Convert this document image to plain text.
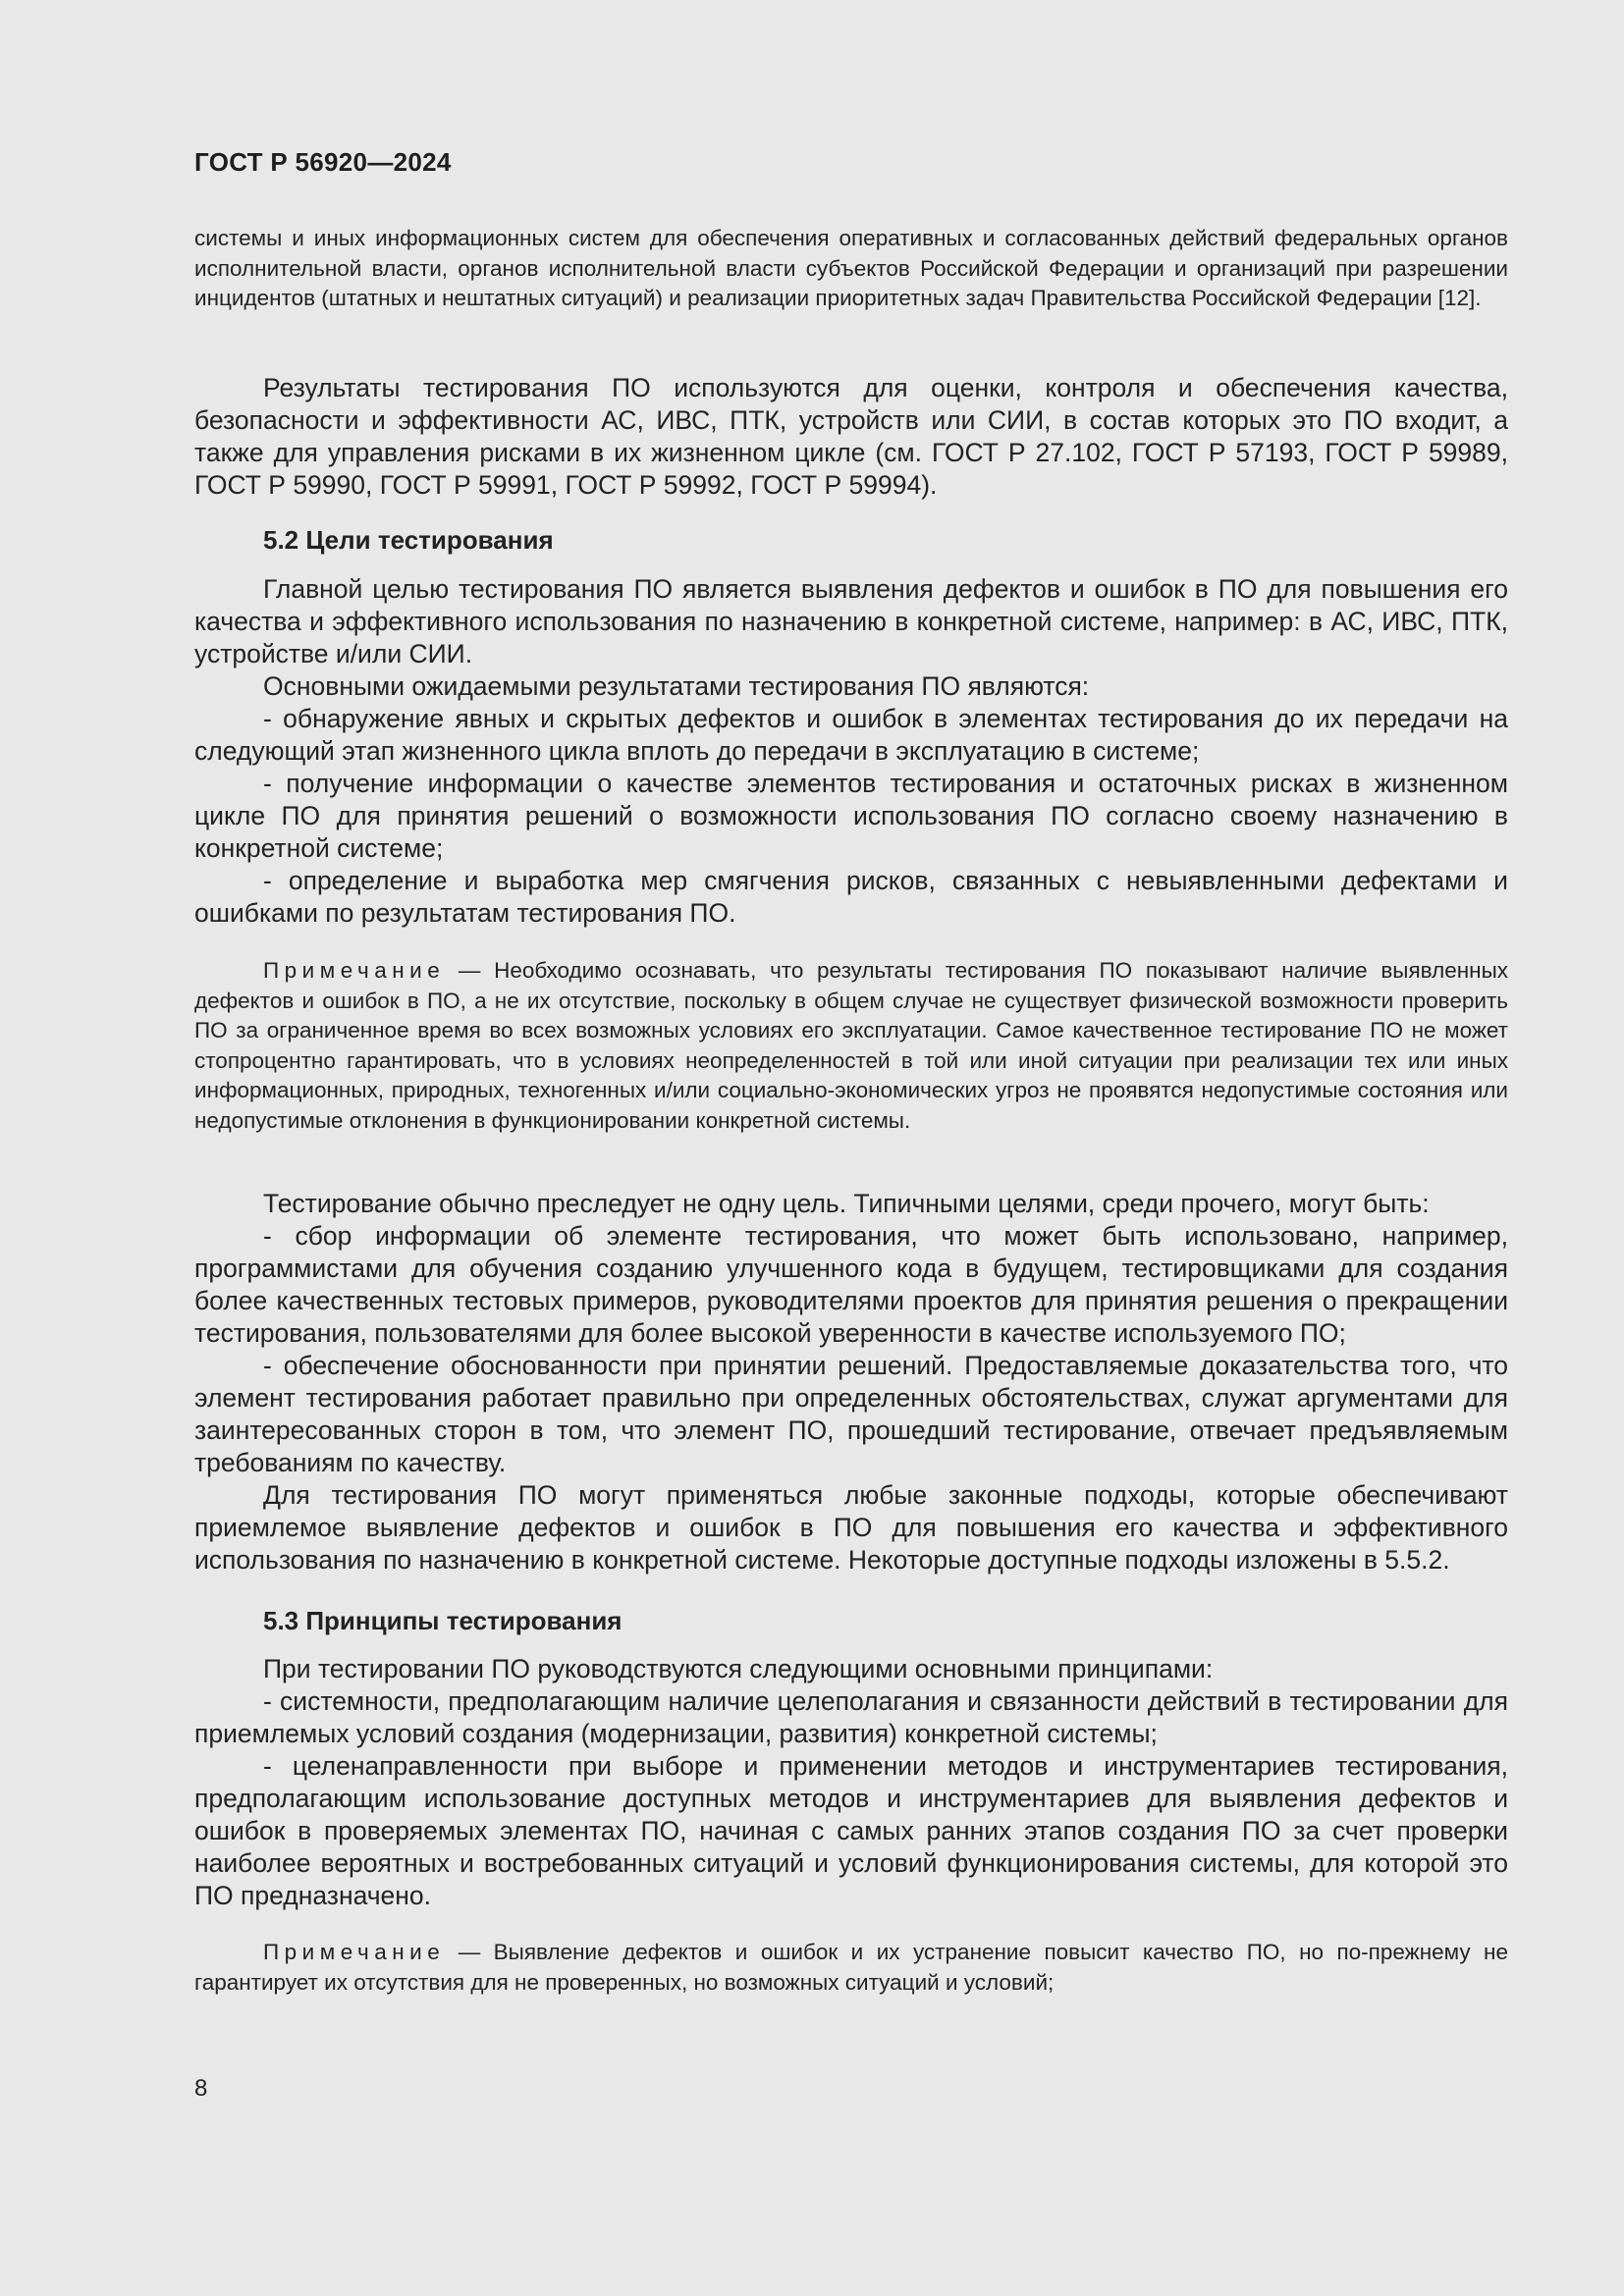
ГОСТ Р 56920—2024

системы и иных информационных систем для обеспечения оперативных и согласованных действий федеральных органов исполнительной власти, органов исполнительной власти субъектов Российской Федерации и организаций при разрешении инцидентов (штатных и нештатных ситуаций) и реализации приоритетных задач Правительства Российской Федерации [12].

Результаты тестирования ПО используются для оценки, контроля и обеспечения качества, безопасности и эффективности АС, ИВС, ПТК, устройств или СИИ, в состав которых это ПО входит, а также для управления рисками в их жизненном цикле (см. ГОСТ Р 27.102, ГОСТ Р 57193, ГОСТ Р 59989, ГОСТ Р 59990, ГОСТ Р 59991, ГОСТ Р 59992, ГОСТ Р 59994).

5.2 Цели тестирования

Главной целью тестирования ПО является выявления дефектов и ошибок в ПО для повышения его качества и эффективного использования по назначению в конкретной системе, например: в АС, ИВС, ПТК, устройстве и/или СИИ.

Основными ожидаемыми результатами тестирования ПО являются:

- обнаружение явных и скрытых дефектов и ошибок в элементах тестирования до их передачи на следующий этап жизненного цикла вплоть до передачи в эксплуатацию в системе;

- получение информации о качестве элементов тестирования и остаточных рисках в жизненном цикле ПО для принятия решений о возможности использования ПО согласно своему назначению в конкретной системе;

- определение и выработка мер смягчения рисков, связанных с невыявленными дефектами и ошибками по результатам тестирования ПО.

Примечание — Необходимо осознавать, что результаты тестирования ПО показывают наличие выявленных дефектов и ошибок в ПО, а не их отсутствие, поскольку в общем случае не существует физической возможности проверить ПО за ограниченное время во всех возможных условиях его эксплуатации. Самое качественное тестирование ПО не может стопроцентно гарантировать, что в условиях неопределенностей в той или иной ситуации при реализации тех или иных информационных, природных, техногенных и/или социально-экономических угроз не проявятся недопустимые состояния или недопустимые отклонения в функционировании конкретной системы.

Тестирование обычно преследует не одну цель. Типичными целями, среди прочего, могут быть:

- сбор информации об элементе тестирования, что может быть использовано, например, программистами для обучения созданию улучшенного кода в будущем, тестировщиками для создания более качественных тестовых примеров, руководителями проектов для принятия решения о прекращении тестирования, пользователями для более высокой уверенности в качестве используемого ПО;

- обеспечение обоснованности при принятии решений. Предоставляемые доказательства того, что элемент тестирования работает правильно при определенных обстоятельствах, служат аргументами для заинтересованных сторон в том, что элемент ПО, прошедший тестирование, отвечает предъявляемым требованиям по качеству.

Для тестирования ПО могут применяться любые законные подходы, которые обеспечивают приемлемое выявление дефектов и ошибок в ПО для повышения его качества и эффективного использования по назначению в конкретной системе. Некоторые доступные подходы изложены в 5.5.2.

5.3 Принципы тестирования

При тестировании ПО руководствуются следующими основными принципами:

- системности, предполагающим наличие целеполагания и связанности действий в тестировании для приемлемых условий создания (модернизации, развития) конкретной системы;

- целенаправленности при выборе и применении методов и инструментариев тестирования, предполагающим использование доступных методов и инструментариев для выявления дефектов и ошибок в проверяемых элементах ПО, начиная с самых ранних этапов создания ПО за счет проверки наиболее вероятных и востребованных ситуаций и условий функционирования системы, для которой это ПО предназначено.

Примечание — Выявление дефектов и ошибок и их устранение повысит качество ПО, но по-прежнему не гарантирует их отсутствия для не проверенных, но возможных ситуаций и условий;

8
